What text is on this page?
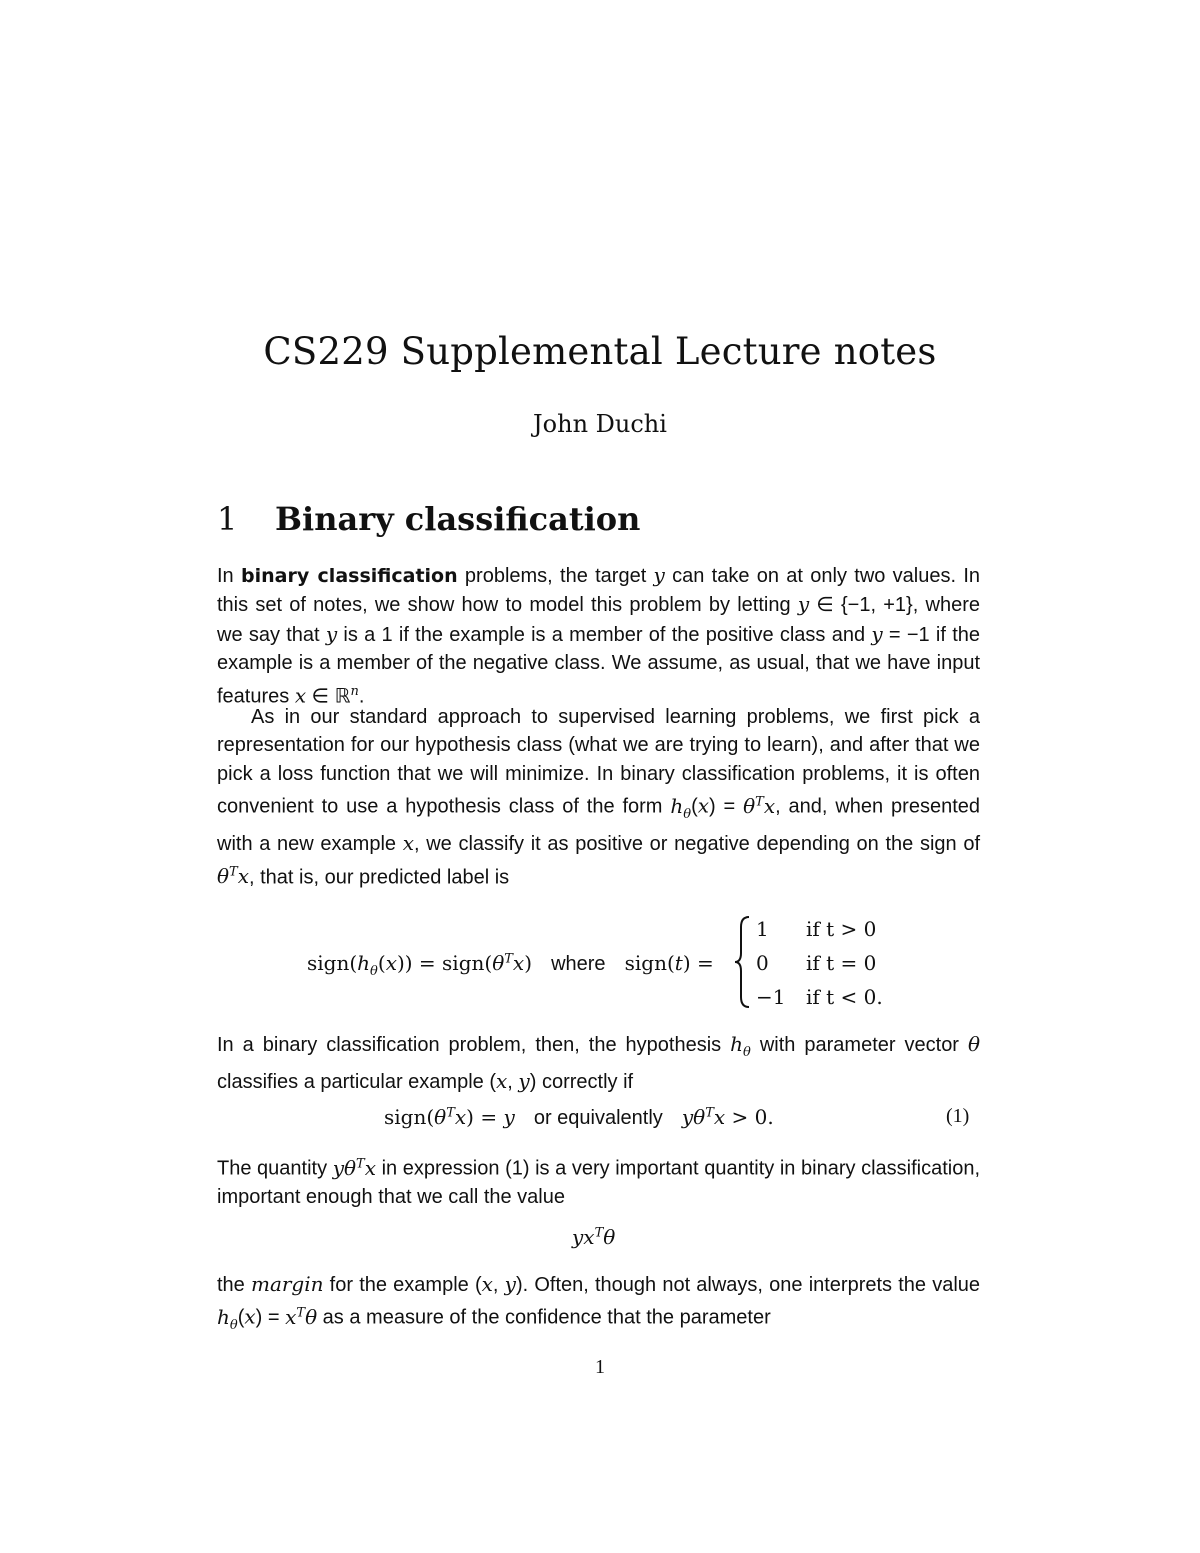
CS229 Supplemental Lecture notes

John Duchi

1 Binary classification

In binary classification problems, the target y can take on at only two values. In this set of notes, we show how to model this problem by letting y ∈ {−1, +1}, where we say that y is a 1 if the example is a member of the positive class and y = −1 if the example is a member of the negative class. We assume, as usual, that we have input features x ∈ ℝ$^n$.

As in our standard approach to supervised learning problems, we first pick a representation for our hypothesis class (what we are trying to learn), and after that we pick a loss function that we will minimize. In binary classification problems, it is often convenient to use a hypothesis class of the form $h_\theta(x) = \theta^Tx$, and, when presented with a new example x, we classify it as positive or negative depending on the sign of $\theta^Tx$, that is, our predicted label is

$sign(h_\theta(x))$ = $sign(\theta^Tx)$   where   sign(t) =
1 if t > 0
0 if t = 0
−1 if t < 0.

In a binary classification problem, then, the hypothesis $h_\theta$ with parameter vector θ classifies a particular example (x, y) correctly if

$sign(\theta^Tx) = y$ or equivalently $y\theta^Tx > 0$.	(1)

The quantity $y\theta^Tx$ in expression (1) is a very important quantity in binary classification, important enough that we call the value

$yx^T\theta$

the margin for the example (x, y). Often, though not always, one interprets the value $h_\theta(x) = x^T\theta$ as a measure of the confidence that the parameter

1
